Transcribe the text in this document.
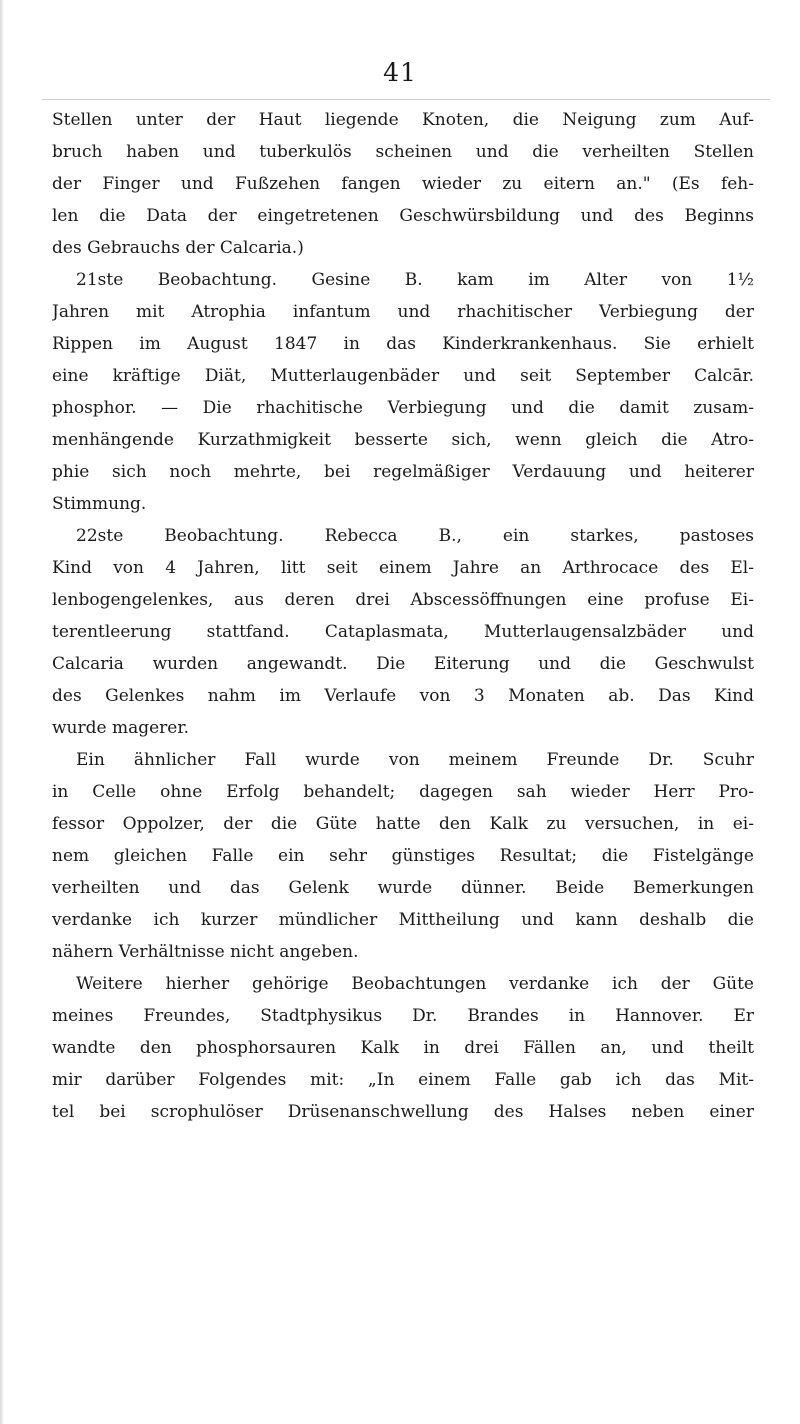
41
Stellen unter der Haut liegende Knoten, die Neigung zum Auf-
bruch haben und tuberkulös scheinen und die verheilten Stellen
der Finger und Fußzehen fangen wieder zu eitern an." (Es feh-
len die Data der eingetretenen Geschwürsbildung und des Beginns
des Gebrauchs der Calcaria.)
21ste Beobachtung. Gesine B. kam im Alter von 1½
Jahren mit Atrophia infantum und rhachitischer Verbiegung der
Rippen im August 1847 in das Kinderkrankenhaus. Sie erhielt
eine kräftige Diät, Mutterlaugenbäder und seit September Calcār.
phosphor. — Die rhachitische Verbiegung und die damit zusam-
menhängende Kurzathmigkeit besserte sich, wenn gleich die Atro-
phie sich noch mehrte, bei regelmäßiger Verdauung und heiterer
Stimmung.
22ste Beobachtung. Rebecca B., ein starkes, pastoses
Kind von 4 Jahren, litt seit einem Jahre an Arthrocace des El-
lenbogengelenkes, aus deren drei Abscessöffnungen eine profuse Ei-
terentleerung stattfand. Cataplasmata, Mutterlaugensalzbäder und
Calcaria wurden angewandt. Die Eiterung und die Geschwulst
des Gelenkes nahm im Verlaufe von 3 Monaten ab. Das Kind
wurde magerer.
Ein ähnlicher Fall wurde von meinem Freunde Dr. Scuhr
in Celle ohne Erfolg behandelt; dagegen sah wieder Herr Pro-
fessor Oppolzer, der die Güte hatte den Kalk zu versuchen, in ei-
nem gleichen Falle ein sehr günstiges Resultat; die Fistelgänge
verheilten und das Gelenk wurde dünner. Beide Bemerkungen
verdanke ich kurzer mündlicher Mittheilung und kann deshalb die
nähern Verhältnisse nicht angeben.
Weitere hierher gehörige Beobachtungen verdanke ich der Güte
meines Freundes, Stadtphysikus Dr. Brandes in Hannover. Er
wandte den phosphorsauren Kalk in drei Fällen an, und theilt
mir darüber Folgendes mit: „In einem Falle gab ich das Mit-
tel bei scrophulöser Drüsenanschwellung des Halses neben einer
